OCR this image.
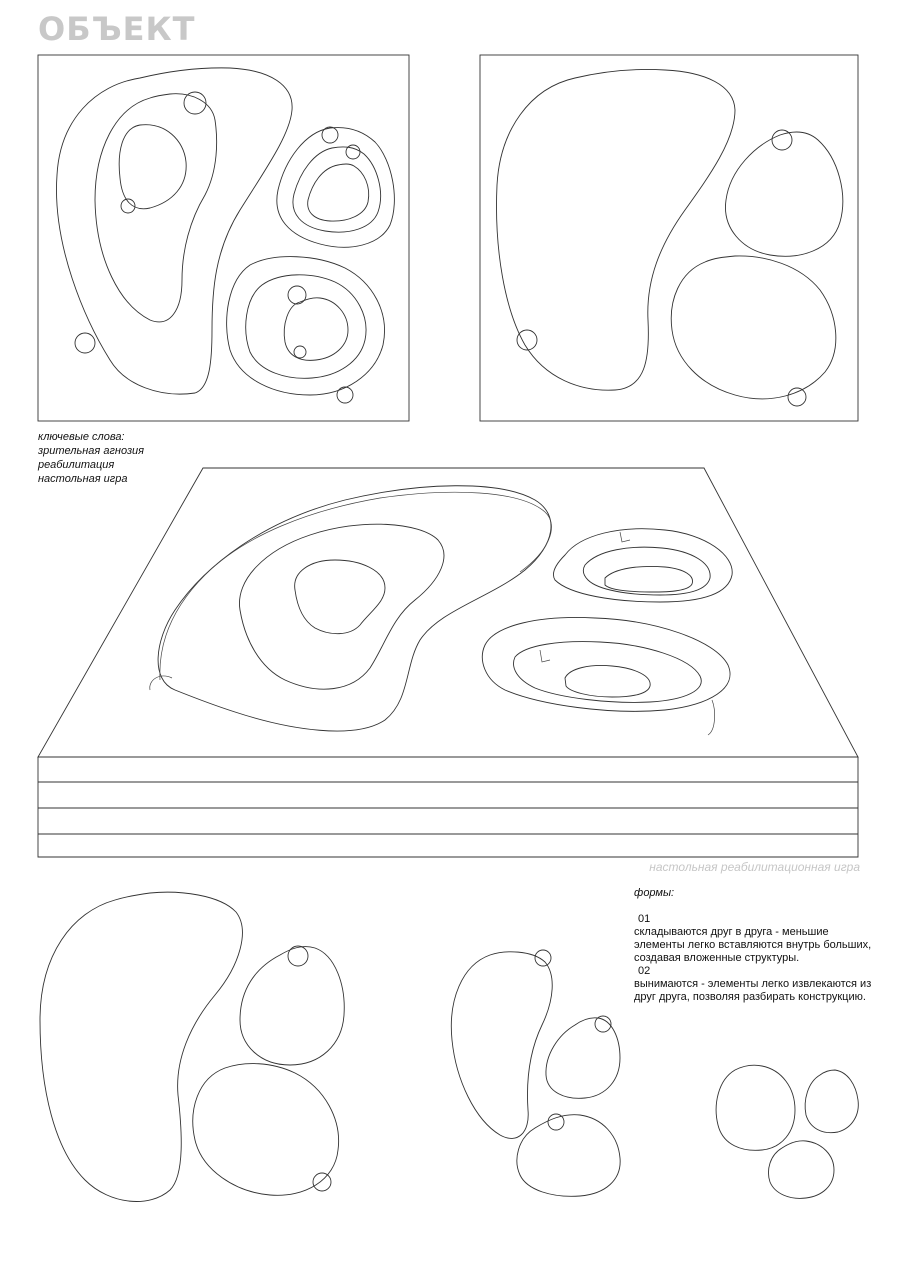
ОБЪЕКТ
ключевые слова:
зрительная агнозия
реабилитация
настольная игра
настольная реабилитационная игра
формы:
01
складываются друг в друга - меньшие элементы легко вставляются внутрь больших, создавая вложенные структуры.
02
вынимаются - элементы легко извлекаются из друг друга, позволяя разбирать конструкцию.
